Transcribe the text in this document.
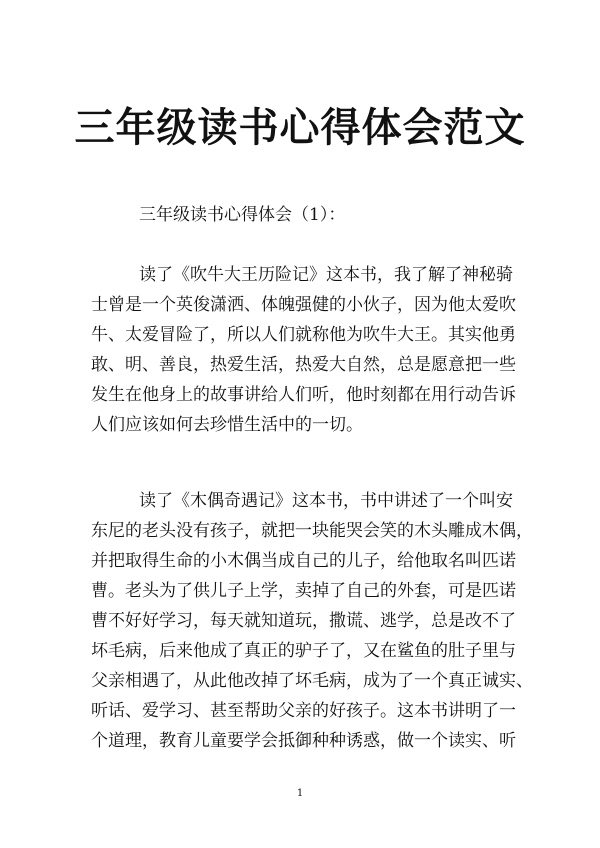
三年级读书心得体会范文
三年级读书心得体会（1）：
读了《吹牛大王历险记》这本书，我了解了神秘骑
士曾是一个英俊潇洒、体魄强健的小伙子，因为他太爱吹
牛、太爱冒险了，所以人们就称他为吹牛大王。其实他勇
敢、明、善良，热爱生活，热爱大自然，总是愿意把一些
发生在他身上的故事讲给人们听，他时刻都在用行动告诉
人们应该如何去珍惜生活中的一切。
读了《木偶奇遇记》这本书，书中讲述了一个叫安
东尼的老头没有孩子，就把一块能哭会笑的木头雕成木偶，
并把取得生命的小木偶当成自己的儿子，给他取名叫匹诺
曹。老头为了供儿子上学，卖掉了自己的外套，可是匹诺
曹不好好学习，每天就知道玩，撒谎、逃学，总是改不了
坏毛病，后来他成了真正的驴子了，又在鲨鱼的肚子里与
父亲相遇了，从此他改掉了坏毛病，成为了一个真正诚实、
听话、爱学习、甚至帮助父亲的好孩子。这本书讲明了一
个道理，教育儿童要学会抵御种种诱惑，做一个读实、听
1
